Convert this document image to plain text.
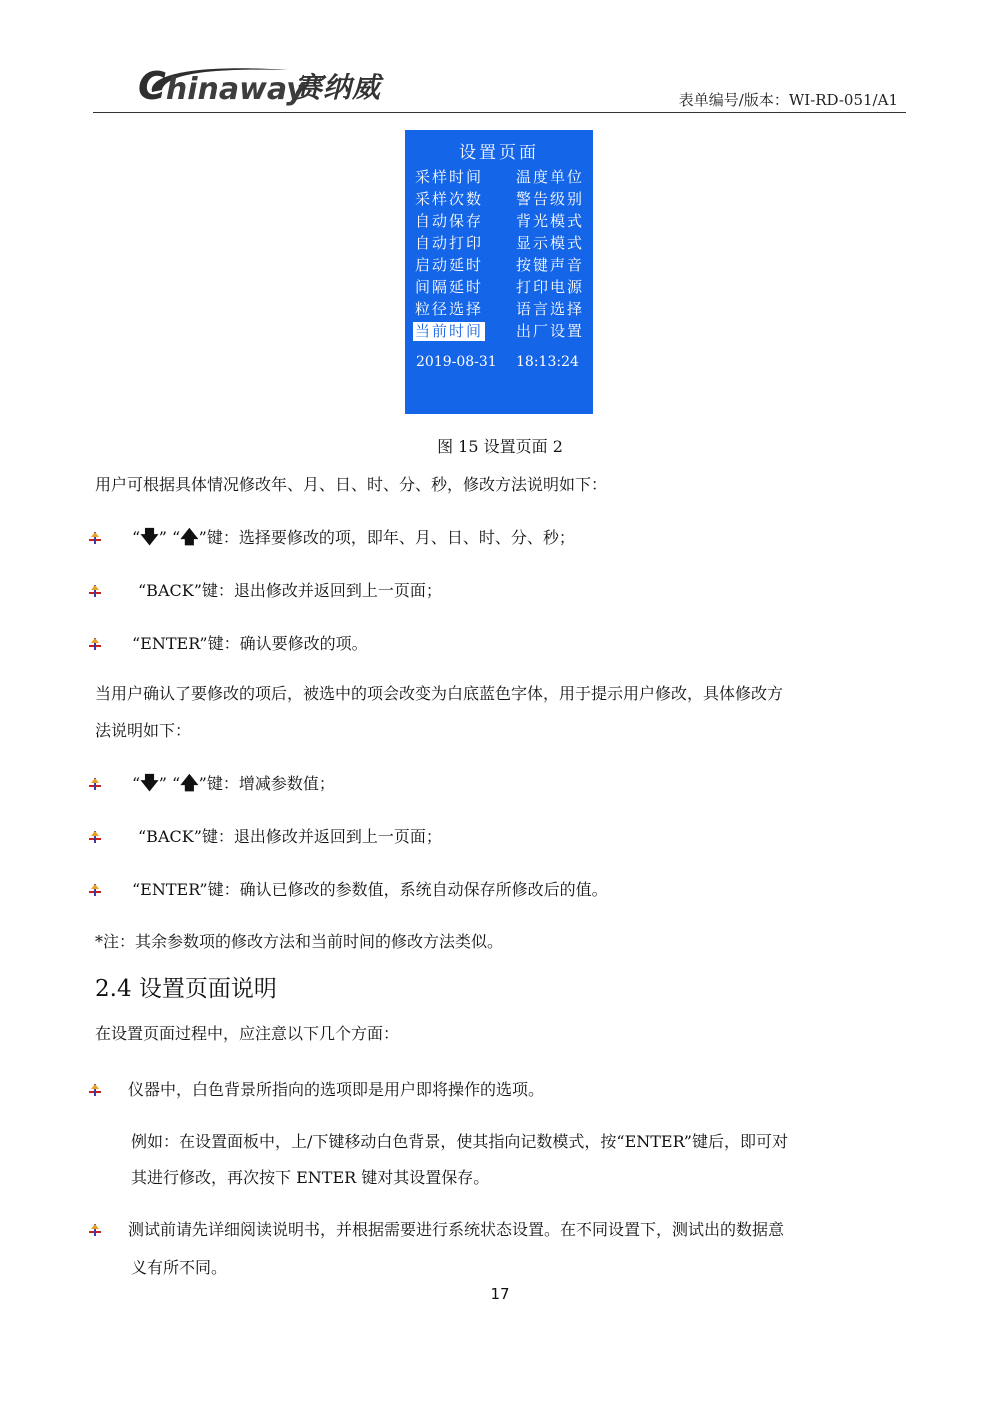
Chinaway
赛纳威	表单编号/版本：WI-RD-051/A1
设置页面
采样时间
采样次数
自动保存
自动打印
启动延时
间隔延时
粒径选择
当前时间
温度单位
警告级别
背光模式
显示模式
按键声音
打印电源
语言选择
出厂设置
2019-08-31 18:13:24
图 15 设置页面 2
用户可根据具体情况修改年、月、日、时、分、秒，修改方法说明如下：
“🡇” “🡅”键：选择要修改的项，即年、月、日、时、分、秒；
“BACK”键：退出修改并返回到上一页面；
“ENTER”键：确认要修改的项。
当用户确认了要修改的项后，被选中的项会改变为白底蓝色字体，用于提示用户修改，具体修改方
法说明如下：
“🡇” “🡅”键：增减参数值；
“BACK”键：退出修改并返回到上一页面；
“ENTER”键：确认已修改的参数值，系统自动保存所修改后的值。
*注：其余参数项的修改方法和当前时间的修改方法类似。
2.4 设置页面说明
在设置页面过程中，应注意以下几个方面：
仪器中，白色背景所指向的选项即是用户即将操作的选项。
例如：在设置面板中，上/下键移动白色背景，使其指向记数模式，按“ENTER”键后，即可对
其进行修改，再次按下 ENTER 键对其设置保存。
测试前请先详细阅读说明书，并根据需要进行系统状态设置。在不同设置下，测试出的数据意
义有所不同。
17
